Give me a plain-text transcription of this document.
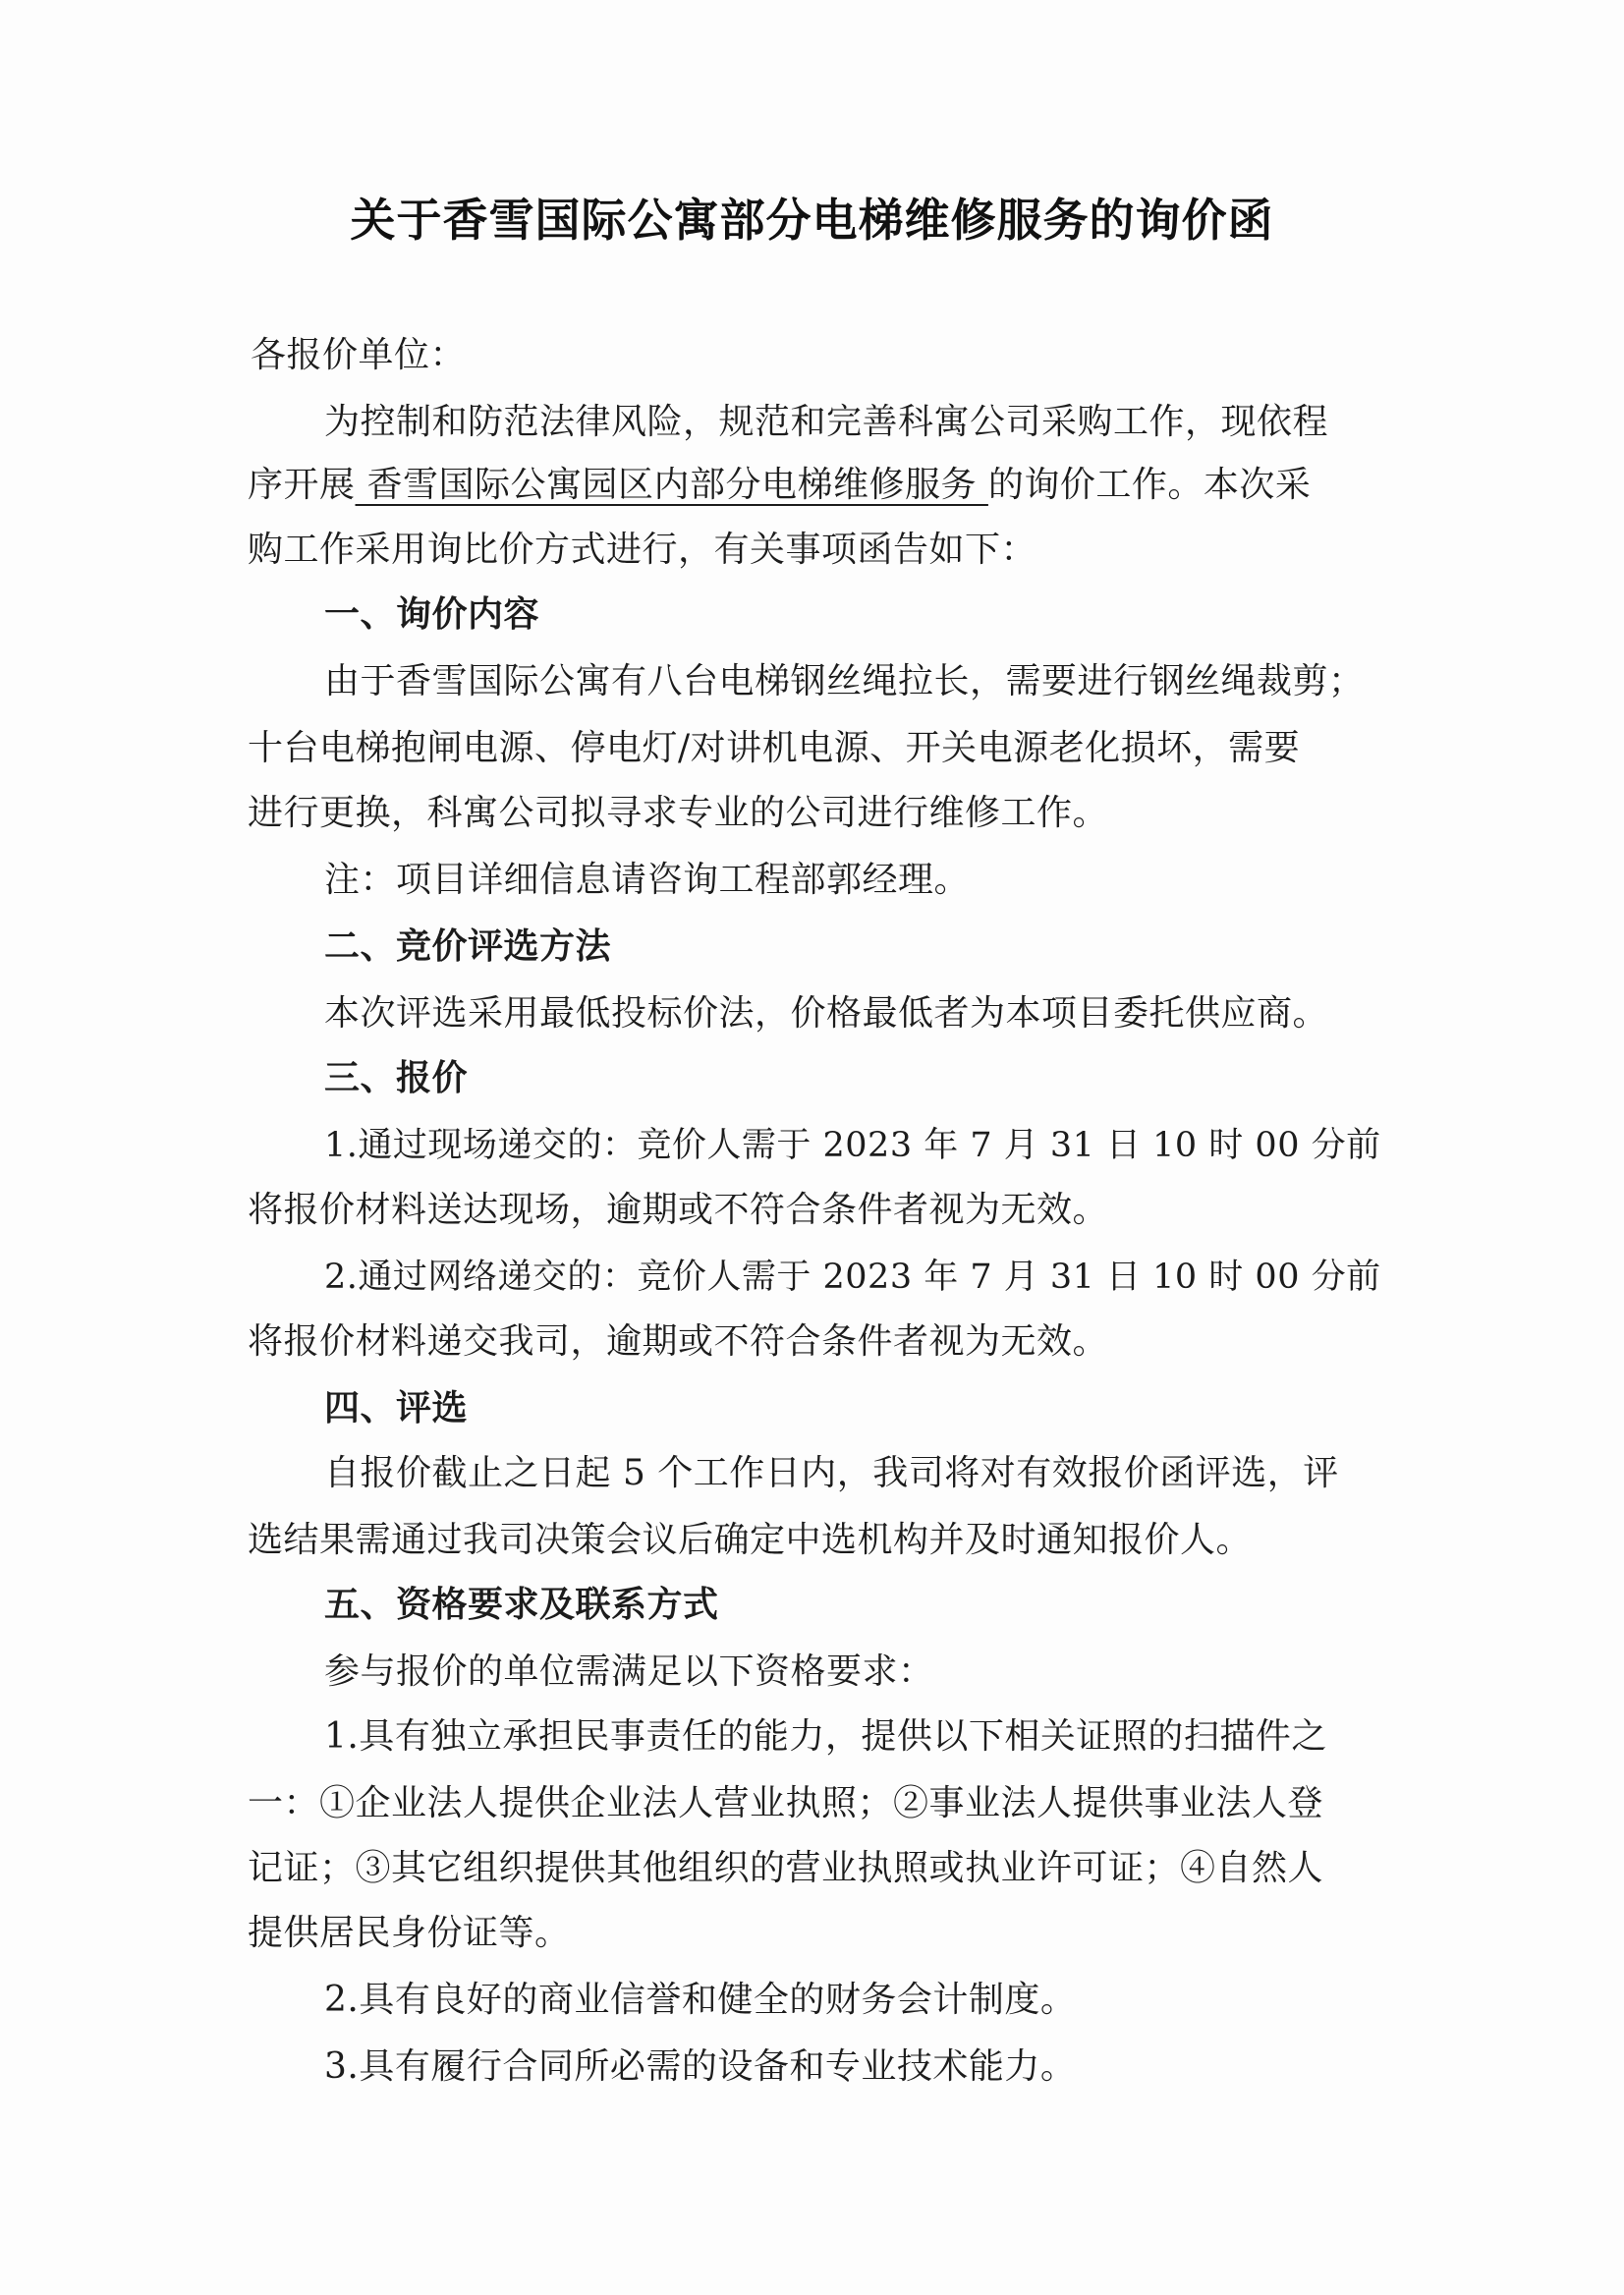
关于香雪国际公寓部分电梯维修服务的询价函
各报价单位：
为控制和防范法律风险，规范和完善科寓公司采购工作，现依程
序开展 香雪国际公寓园区内部分电梯维修服务 的询价工作。本次采
购工作采用询比价方式进行，有关事项函告如下：
一、询价内容
由于香雪国际公寓有八台电梯钢丝绳拉长，需要进行钢丝绳裁剪；
十台电梯抱闸电源、停电灯/对讲机电源、开关电源老化损坏，需要
进行更换，科寓公司拟寻求专业的公司进行维修工作。
注：项目详细信息请咨询工程部郭经理。
二、竞价评选方法
本次评选采用最低投标价法，价格最低者为本项目委托供应商。
三、报价
1.通过现场递交的：竞价人需于 2023 年 7 月 31 日 10 时 00 分前
将报价材料送达现场，逾期或不符合条件者视为无效。
2.通过网络递交的：竞价人需于 2023 年 7 月 31 日 10 时 00 分前
将报价材料递交我司，逾期或不符合条件者视为无效。
四、评选
自报价截止之日起 5 个工作日内，我司将对有效报价函评选，评
选结果需通过我司决策会议后确定中选机构并及时通知报价人。
五、资格要求及联系方式
参与报价的单位需满足以下资格要求：
1.具有独立承担民事责任的能力，提供以下相关证照的扫描件之
一：①企业法人提供企业法人营业执照；②事业法人提供事业法人登
记证；③其它组织提供其他组织的营业执照或执业许可证；④自然人
提供居民身份证等。
2.具有良好的商业信誉和健全的财务会计制度。
3.具有履行合同所必需的设备和专业技术能力。
